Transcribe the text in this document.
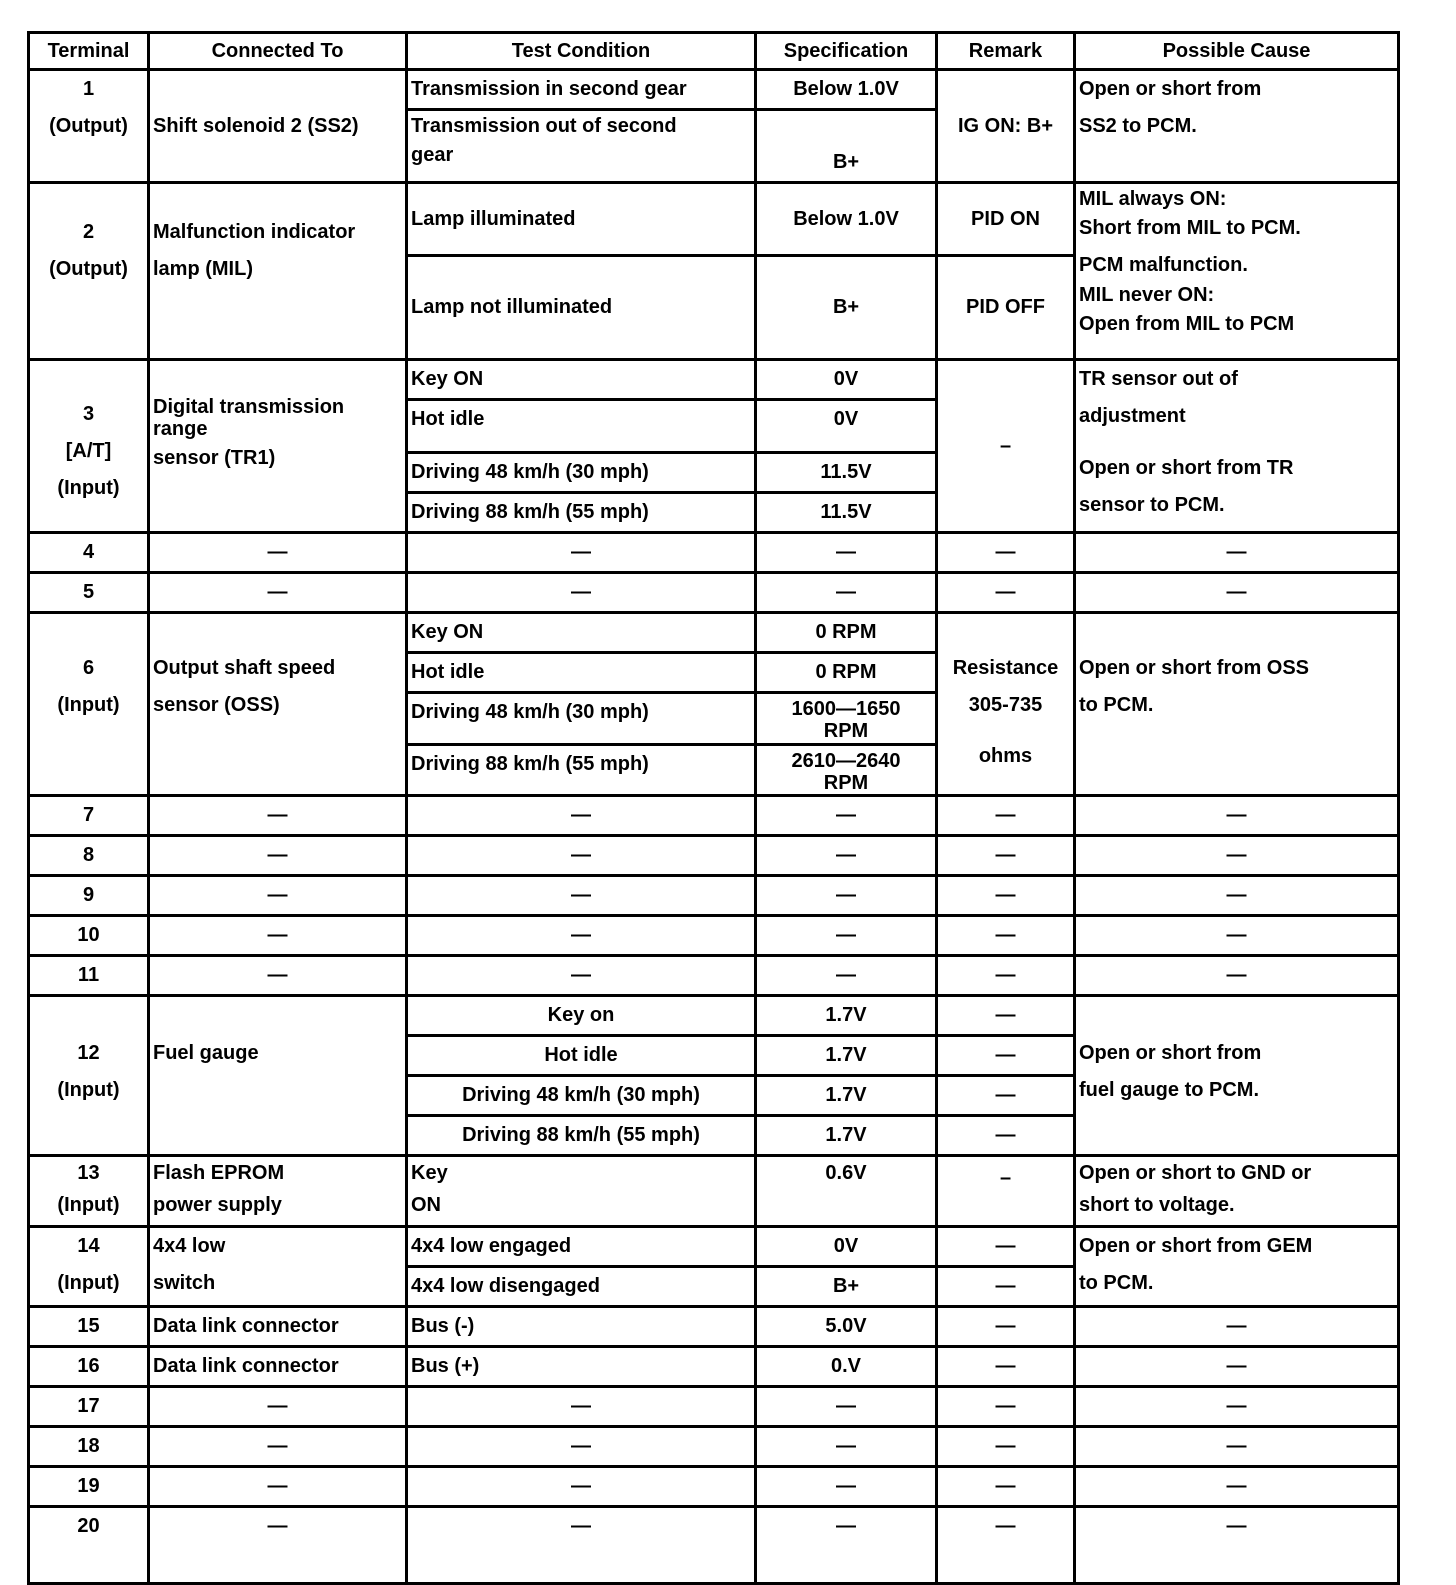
Terminal	Connected To	Test Condition	Specification	Remark	Possible Cause

1
(Output)	Shift solenoid 2 (SS2)	Transmission in second gear	Below 1.0V	IG ON: B+	Open or short from
SS2 to PCM.

		Transmission out of second
gear	B+		

2
(Output)	Malfunction indicator
lamp (MIL)	Lamp illuminated	Below 1.0V	PID ON	MIL always ON:
Short from MIL to PCM.
PCM malfunction.
MIL never ON:
Open from MIL to PCM

		Lamp not illuminated	B+	PID OFF	

3
[A/T]
(Input)	Digital transmission
range
sensor (TR1)	Key ON	0V	–	TR sensor out of
adjustment
Open or short from TR
sensor to PCM.

		Hot idle	0V		
		Driving 48 km/h (30 mph)	11.5V		
		Driving 88 km/h (55 mph)	11.5V		
4	—	—	—	—	—
5	—	—	—	—	—

6
(Input)	Output shaft speed
sensor (OSS)	Key ON	0 RPM	Resistance
305-735
ohms	Open or short from OSS
to PCM.

		Hot idle	0 RPM		
		Driving 48 km/h (30 mph)	1600—1650
RPM		

		Driving 88 km/h (55 mph)	2610—2640
RPM		

7	—	—	—	—	—
8	—	—	—	—	—
9	—	—	—	—	—
10	—	—	—	—	—
11	—	—	—	—	—

12
(Input)	Fuel gauge	Key on	1.7V	—	Open or short from
fuel gauge to PCM.

		Hot idle	1.7V	—	
		Driving 48 km/h (30 mph)	1.7V	—	
		Driving 88 km/h (55 mph)	1.7V	—	

13
(Input)	Flash EPROM
power supply	Key
ON	0.6V	–	Open or short to GND or
short to voltage.

14
(Input)	4x4 low
switch	4x4 low engaged	0V	—	Open or short from GEM
to PCM.

		4x4 low disengaged	B+	—	
15	Data link connector	Bus (-)	5.0V	—	—
16	Data link connector	Bus (+)	0.V	—	—
17	—	—	—	—	—
18	—	—	—	—	—
19	—	—	—	—	—
20	—	—	—	—	—
